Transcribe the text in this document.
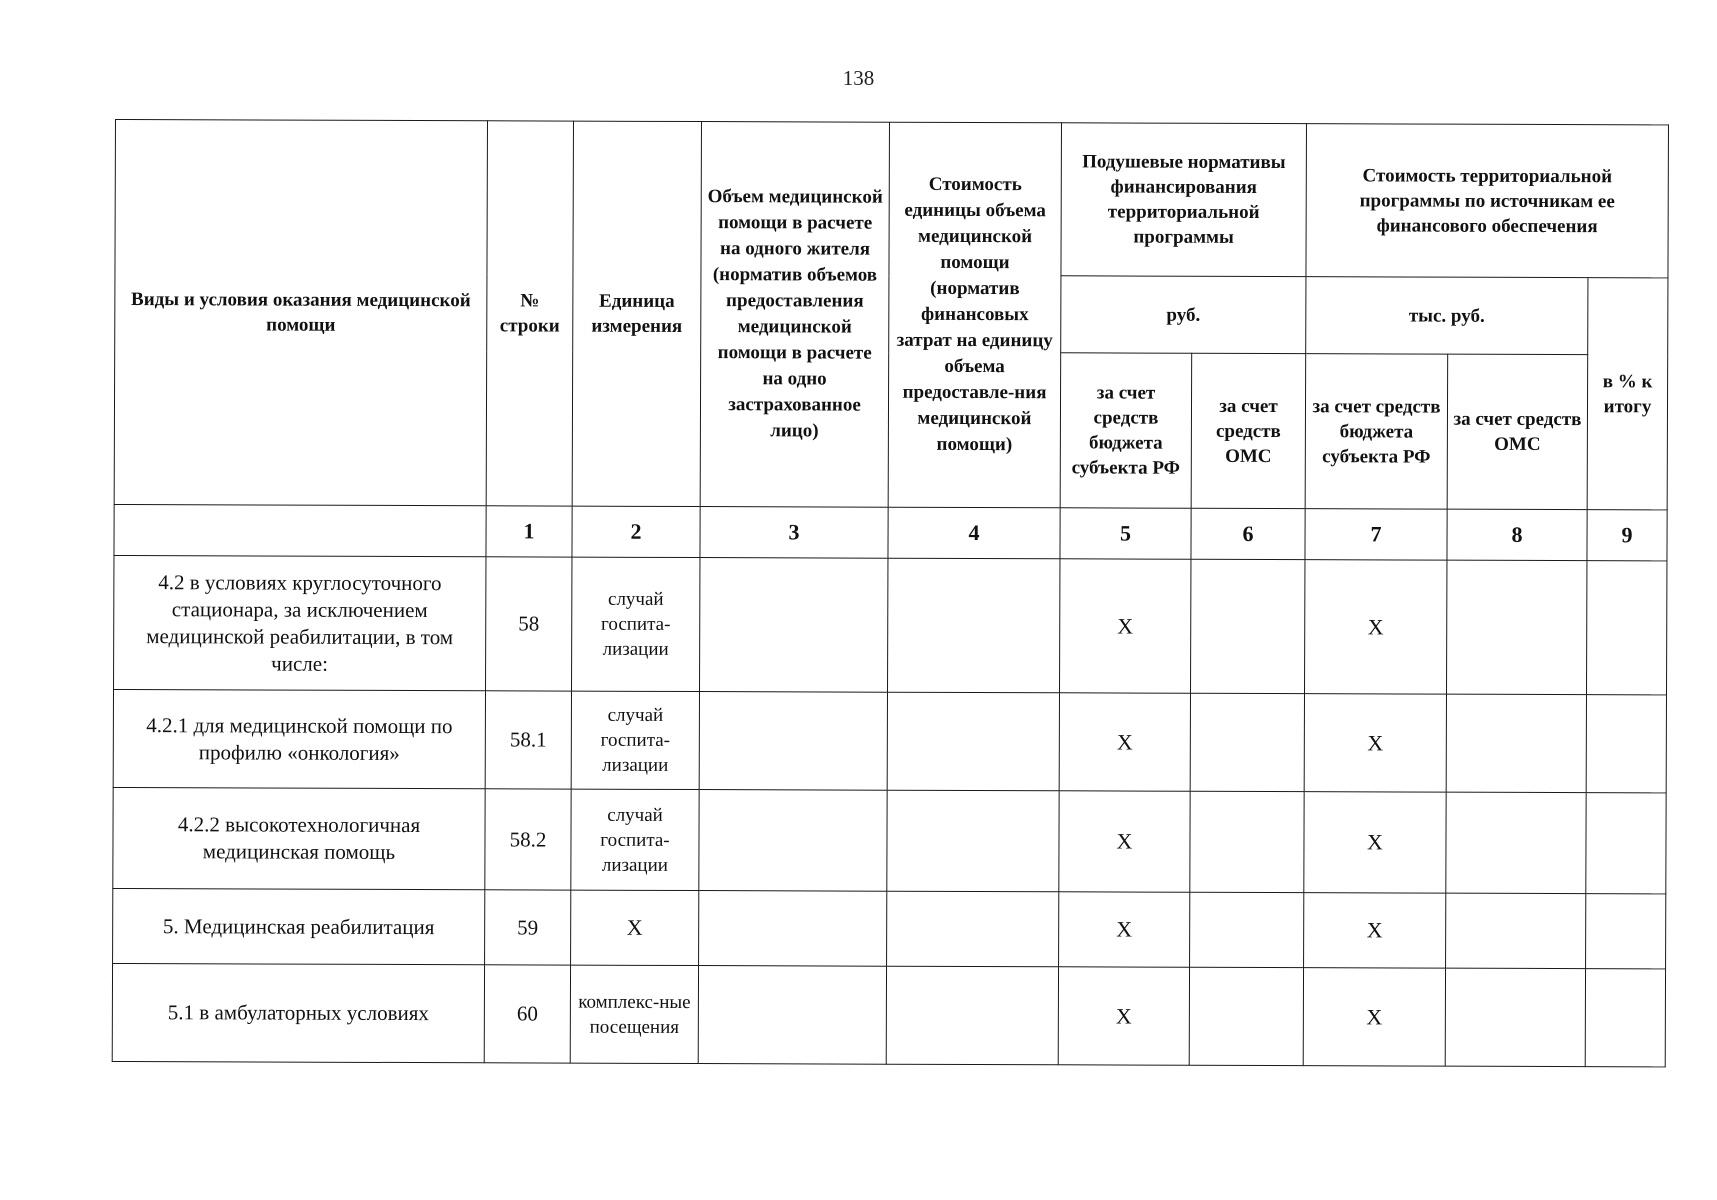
138
Виды и условия оказания медицинской помощи	№ строки	Единица измерения	Объем медицинской помощи в расчете на одного жителя (норматив объемов предоставления медицинской помощи в расчете на одно застрахованное лицо)	Стоимость единицы объема медицинской помощи (норматив финансовых затрат на единицу объема предоставле-ния медицинской помощи)	Подушевые нормативы финансирования территориальной программы		Стоимость территориальной программы по источникам ее финансового обеспечения		
					руб.		тыс. руб.		в % к итогу
					за счет средств бюджета субъекта РФ	за счет средств ОМС	за счет средств бюджета субъекта РФ	за счет средств ОМС	
	1	2	3	4	5	6	7	8	9
4.2 в условиях круглосуточного стационара, за исключением медицинской реабилитации, в том числе:	58	случай госпита-лизации			X		X		
4.2.1 для медицинской помощи по профилю «онкология»	58.1	случай госпита-лизации			X		X		
4.2.2 высокотехнологичная медицинская помощь	58.2	случай госпита-лизации			X		X		
5. Медицинская реабилитация	59	X			X		X		
5.1 в амбулаторных условиях	60	комплекс-ные посещения			X		X		
